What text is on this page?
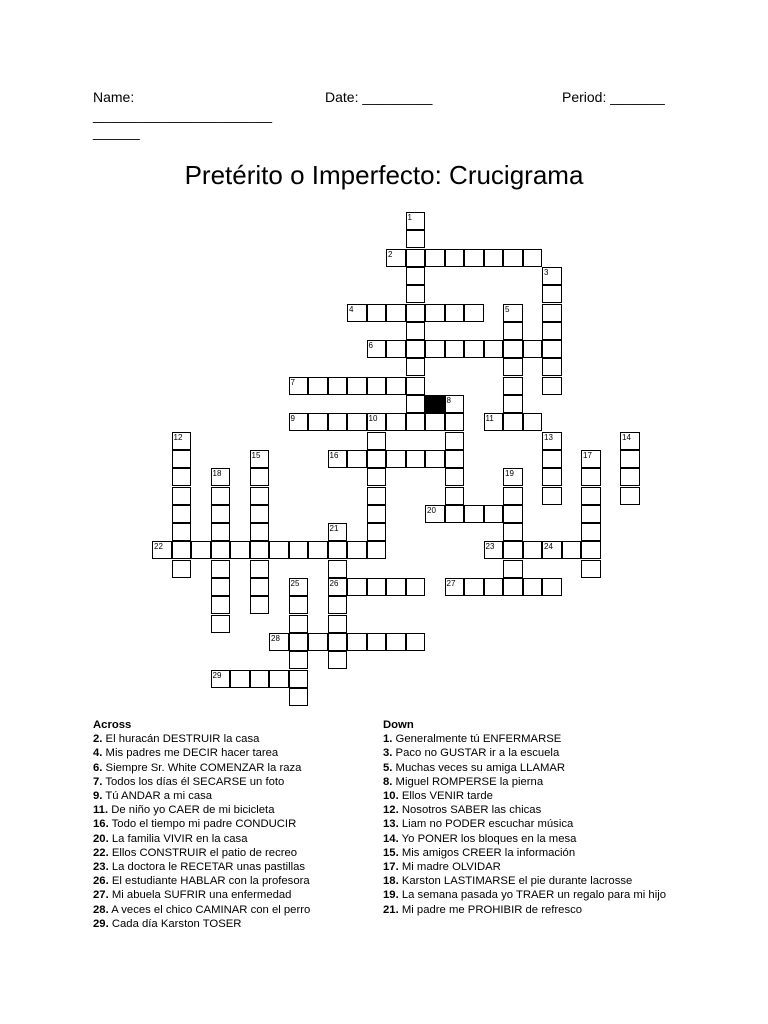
Name:
_______________________
______
Date: _________	Period: _______
Pretérito o Imperfecto: Crucigrama
1
3
5
8
10
12	13	14
15	17
18	19
21
26
25
2
4
6
7
9	11
16
20
22	23	24
27
28
29
Across
2. El huracán DESTRUIR la casa
4. Mis padres me DECIR hacer tarea
6. Siempre Sr. White COMENZAR la raza
7. Todos los días él SECARSE un foto
9. Tú ANDAR a mi casa
11. De niño yo CAER de mi bicicleta
16. Todo el tiempo mi padre CONDUCIR
20. La familia VIVIR en la casa
22. Ellos CONSTRUIR el patio de recreo
23. La doctora le RECETAR unas pastillas
26. El estudiante HABLAR con la profesora
27. Mi abuela SUFRIR una enfermedad
28. A veces el chico CAMINAR con el perro
29. Cada día Karston TOSER
Down
1. Generalmente tú ENFERMARSE
3. Paco no GUSTAR ir a la escuela
5. Muchas veces su amiga LLAMAR
8. Miguel ROMPERSE la pierna
10. Ellos VENIR tarde
12. Nosotros SABER las chicas
13. Liam no PODER escuchar música
14. Yo PONER los bloques en la mesa
15. Mis amigos CREER la información
17. Mi madre OLVIDAR
18. Karston LASTIMARSE el pie durante lacrosse
19. La semana pasada yo TRAER un regalo para mi hijo
21. Mi padre me PROHIBIR de refresco
